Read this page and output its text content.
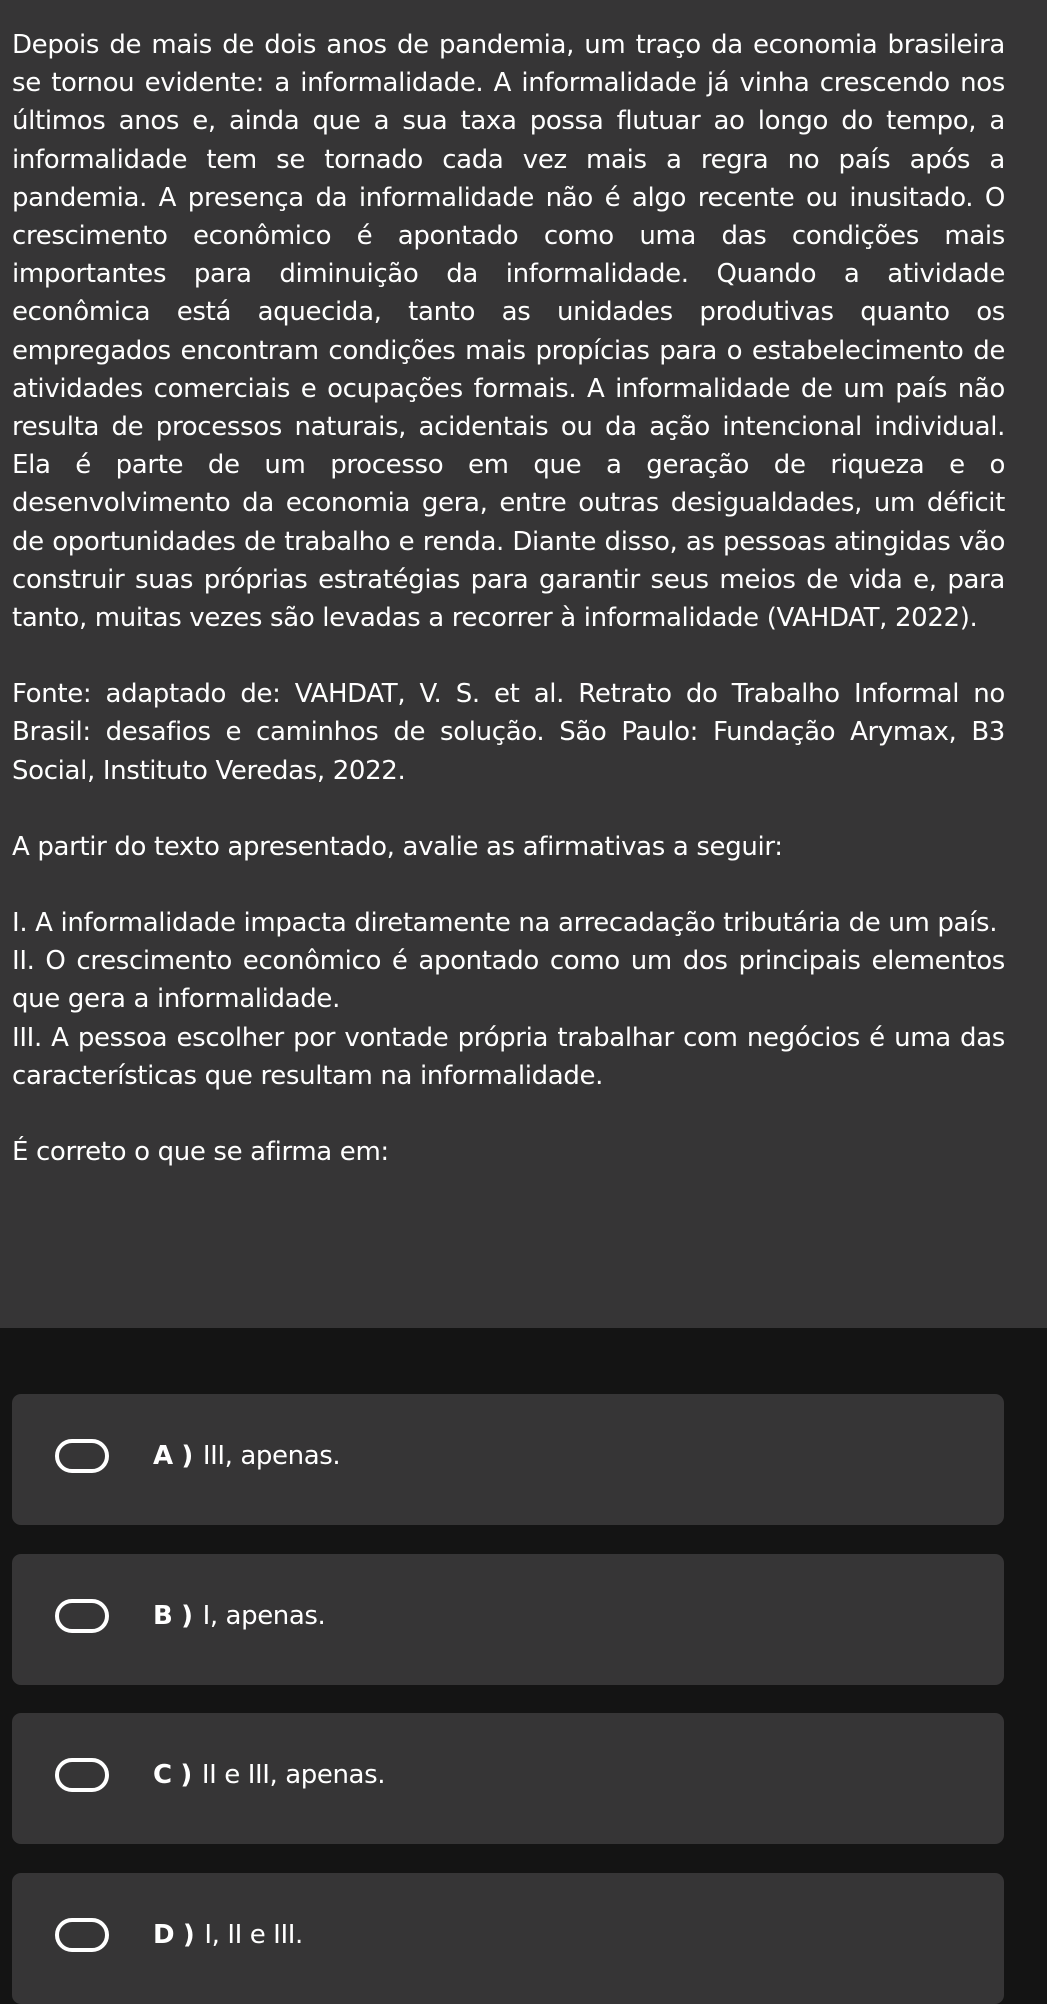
Depois de mais de dois anos de pandemia, um traço da economia brasileira se tornou evidente: a informalidade. A informalidade já vinha crescendo nos últimos anos e, ainda que a sua taxa possa flutuar ao longo do tempo, a informalidade tem se tornado cada vez mais a regra no país após a pandemia. A presença da informalidade não é algo recente ou inusitado. O crescimento econômico é apontado como uma das condições mais importantes para diminuição da informalidade. Quando a atividade econômica está aquecida, tanto as unidades produtivas quanto os empregados encontram condições mais propícias para o estabelecimento de atividades comerciais e ocupações formais. A informalidade de um país não resulta de processos naturais, acidentais ou da ação intencional individual. Ela é parte de um processo em que a geração de riqueza e o desenvolvimento da economia gera, entre outras desigualdades, um déficit de oportunidades de trabalho e renda. Diante disso, as pessoas atingidas vão construir suas próprias estratégias para garantir seus meios de vida e, para tanto, muitas vezes são levadas a recorrer à informalidade (VAHDAT, 2022).

Fonte: adaptado de: VAHDAT, V. S. et al. Retrato do Trabalho Informal no Brasil: desafios e caminhos de solução. São Paulo: Fundação Arymax, B3 Social, Instituto Veredas, 2022.

A partir do texto apresentado, avalie as afirmativas a seguir:

I. A informalidade impacta diretamente na arrecadação tributária de um país.

II. O crescimento econômico é apontado como um dos principais elementos que gera a informalidade.

III. A pessoa escolher por vontade própria trabalhar com negócios é uma das características que resultam na informalidade.

É correto o que se afirma em:

A ) III, apenas.
B ) I, apenas.
C ) II e III, apenas.
D ) I, II e III.
